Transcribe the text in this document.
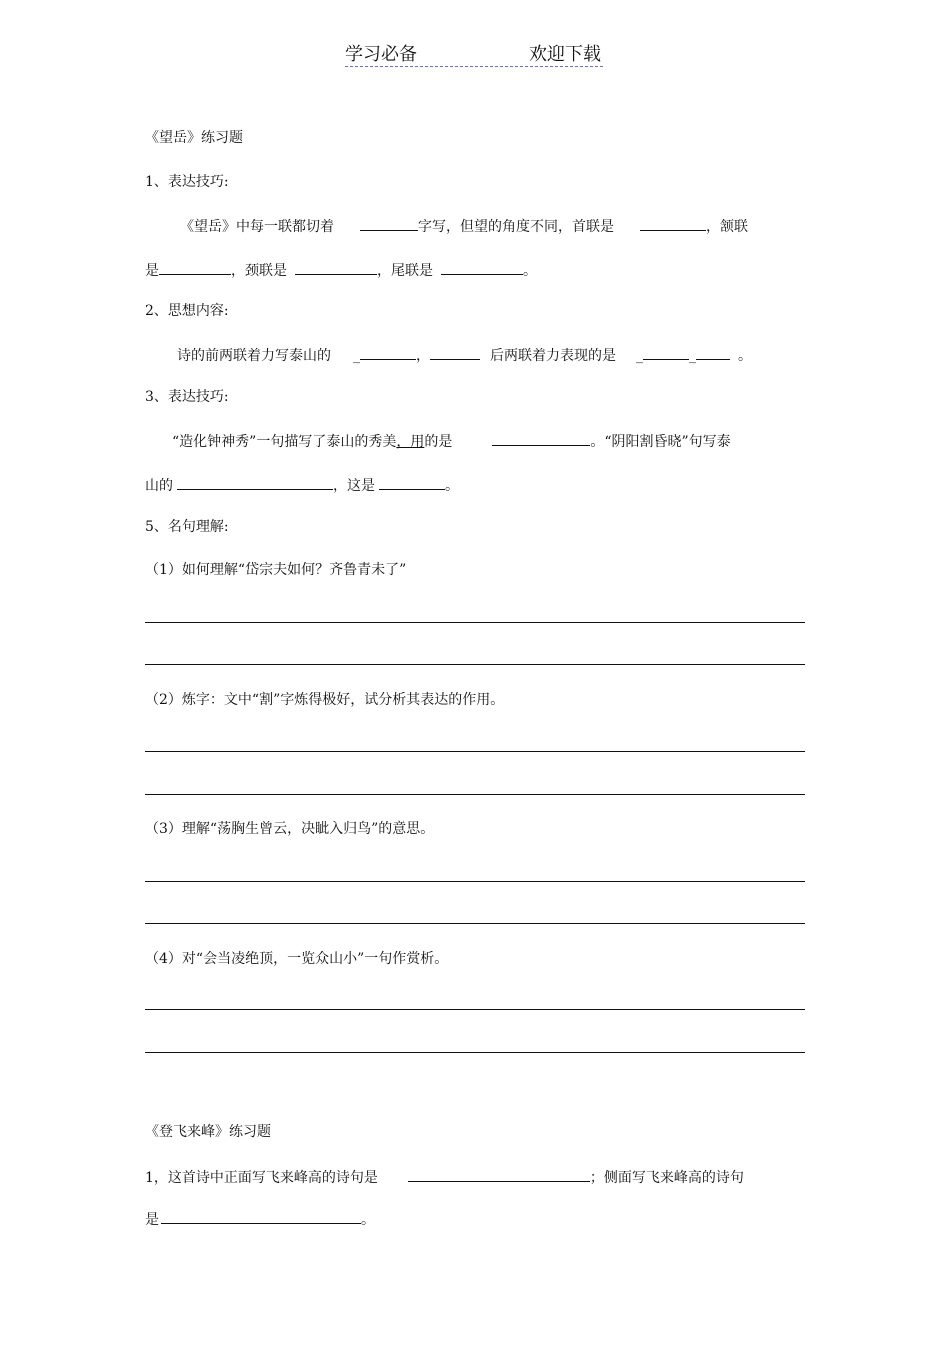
学习必备	欢迎下载
《望岳》练习题
1、表达技巧:
《望岳》中每一联都切着	字写，但望的角度不同，首联是	，颔联
是	，颈联是	，尾联是	。
2、思想内容:
诗的前两联着力写泰山的 _	，	后两联着力表现的是 _	_	。
3、表达技巧:
“造化钟神秀”一句描写了泰山的秀美，用的是	。“阴阳割昏晓”句写泰
山的	，这是	。
5、名句理解:
（1）如何理解“岱宗夫如何？齐鲁青未了”
（2）炼字：文中“割”字炼得极好，试分析其表达的作用。
（3）理解“荡胸生曾云，决眦入归鸟”的意思。
（4）对“会当凌绝顶，一览众山小”一句作赏析。
《登飞来峰》练习题
1，这首诗中正面写飞来峰高的诗句是	；侧面写飞来峰高的诗句
是	。
